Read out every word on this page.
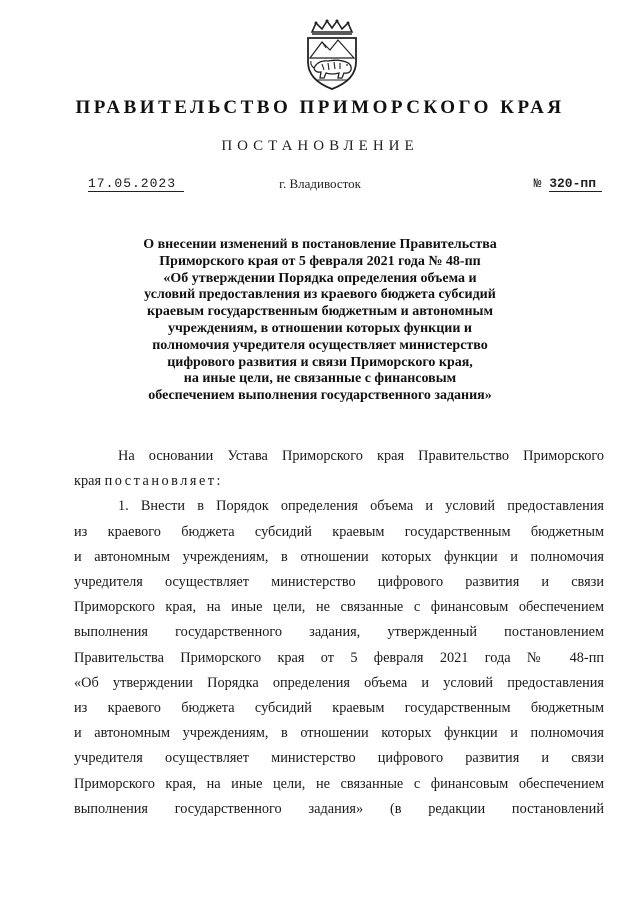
ПРАВИТЕЛЬСТВО ПРИМОРСКОГО КРАЯ
ПОСТАНОВЛЕНИЕ
17.05.2023	г. Владивосток	№ 320-пп
О внесении изменений в постановление Правительства
Приморского края от 5 февраля 2021 года № 48-пп
«Об утверждении Порядка определения объема и
условий предоставления из краевого бюджета субсидий
краевым государственным бюджетным и автономным
учреждениям, в отношении которых функции и
полномочия учредителя осуществляет министерство
цифрового развития и связи Приморского края,
на иные цели, не связанные с финансовым
обеспечением выполнения государственного задания»
На основании Устава Приморского края Правительство Приморского
края постановляет:
1. Внести в Порядок определения объема и условий предоставления
из краевого бюджета субсидий краевым государственным бюджетным
и автономным учреждениям, в отношении которых функции и полномочия
учредителя осуществляет министерство цифрового развития и связи
Приморского края, на иные цели, не связанные с финансовым обеспечением
выполнения государственного задания, утвержденный постановлением
Правительства Приморского края от 5 февраля 2021 года № 48-пп
«Об утверждении Порядка определения объема и условий предоставления
из краевого бюджета субсидий краевым государственным бюджетным
и автономным учреждениям, в отношении которых функции и полномочия
учредителя осуществляет министерство цифрового развития и связи
Приморского края, на иные цели, не связанные с финансовым обеспечением
выполнения государственного задания» (в редакции постановлений
